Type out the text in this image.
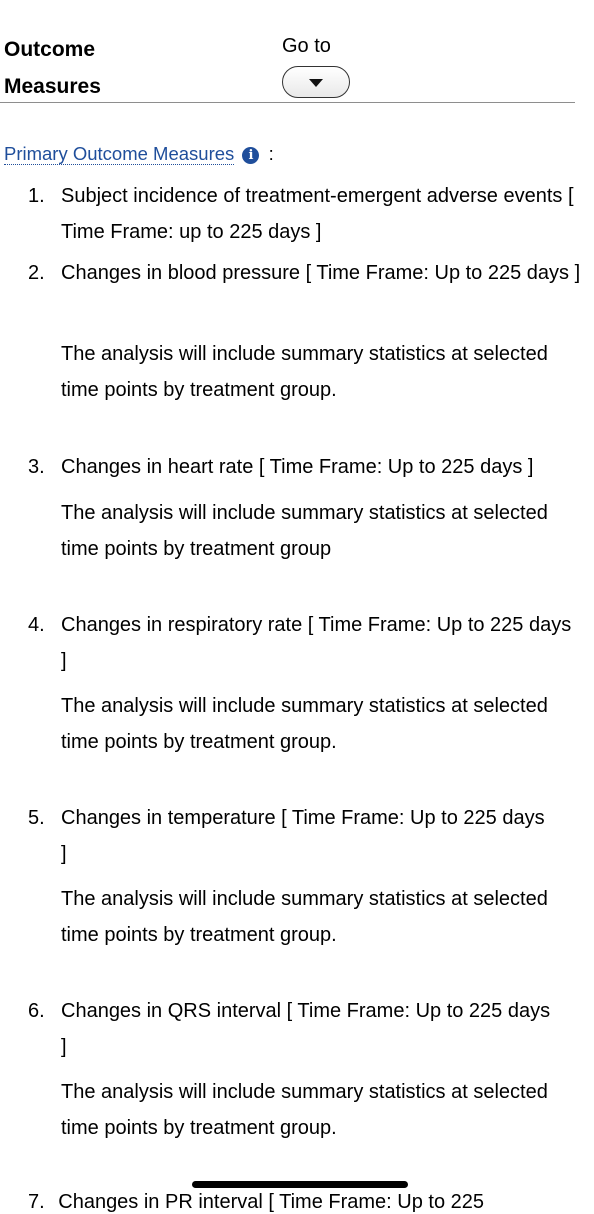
Outcome Measures
Go to
Primary Outcome Measures i :
1. Subject incidence of treatment-emergent adverse events [ Time Frame: up to 225 days ]
2. Changes in blood pressure [ Time Frame: Up to 225 days ]
The analysis will include summary statistics at selected time points by treatment group.
3. Changes in heart rate [ Time Frame: Up to 225 days ]
The analysis will include summary statistics at selected time points by treatment group
4. Changes in respiratory rate [ Time Frame: Up to 225 days ]
The analysis will include summary statistics at selected time points by treatment group.
5. Changes in temperature [ Time Frame: Up to 225 days ]
The analysis will include summary statistics at selected time points by treatment group.
6. Changes in QRS interval [ Time Frame: Up to 225 days ]
The analysis will include summary statistics at selected time points by treatment group.
7. Changes in PR interval [ Time Frame: Up to 225
